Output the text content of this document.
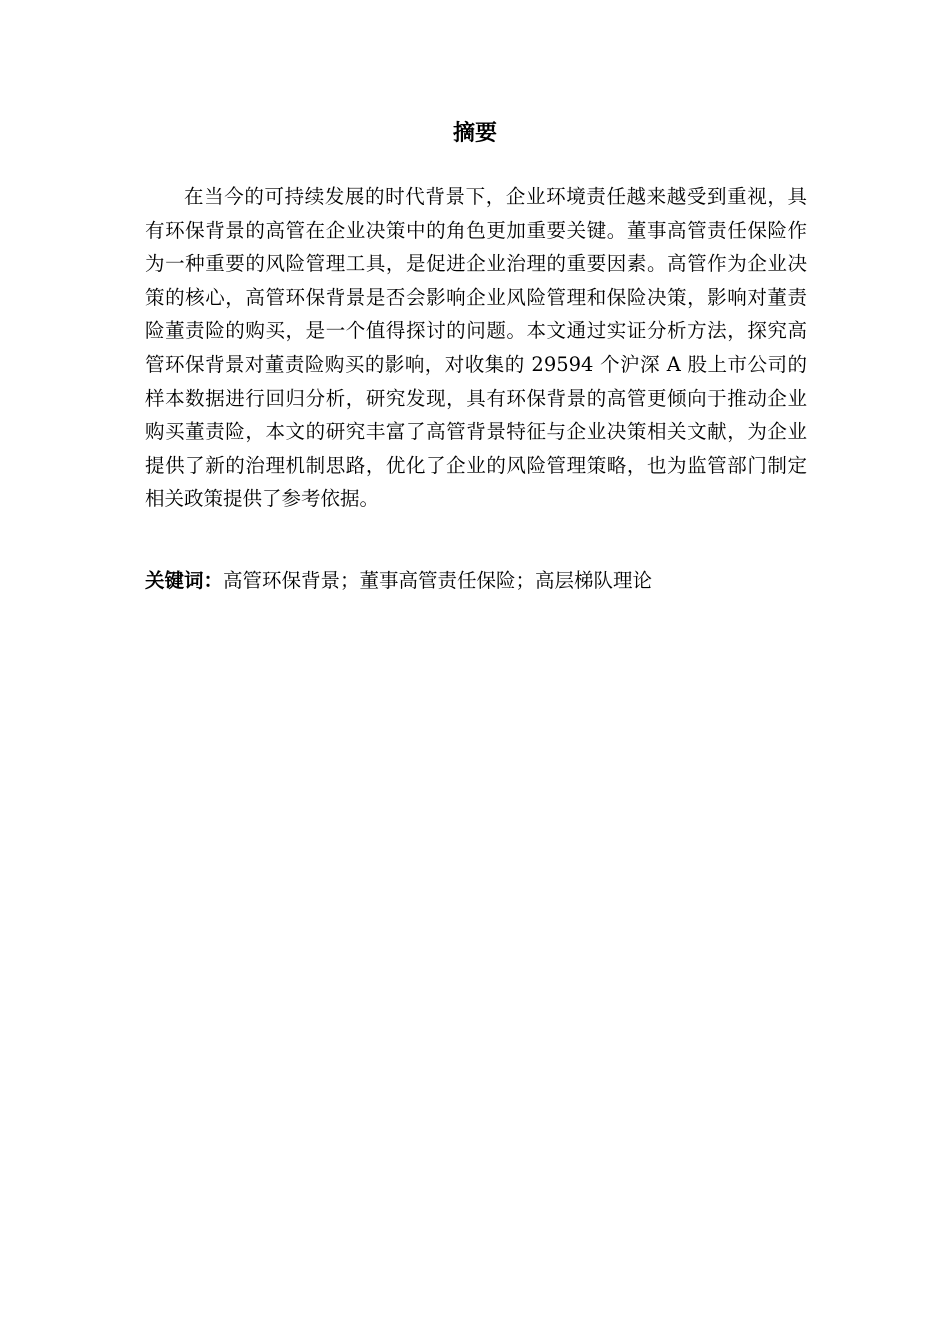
摘要

在当今的可持续发展的时代背景下，企业环境责任越来越受到重视，具有环保背景的高管在企业决策中的角色更加重要关键。董事高管责任保险作为一种重要的风险管理工具，是促进企业治理的重要因素。高管作为企业决策的核心，高管环保背景是否会影响企业风险管理和保险决策，影响对董责险董责险的购买，是一个值得探讨的问题。本文通过实证分析方法，探究高管环保背景对董责险购买的影响，对收集的 29594 个沪深 A 股上市公司的样本数据进行回归分析，研究发现，具有环保背景的高管更倾向于推动企业购买董责险，本文的研究丰富了高管背景特征与企业决策相关文献，为企业提供了新的治理机制思路，优化了企业的风险管理策略，也为监管部门制定相关政策提供了参考依据。

关键词：高管环保背景；董事高管责任保险；高层梯队理论
